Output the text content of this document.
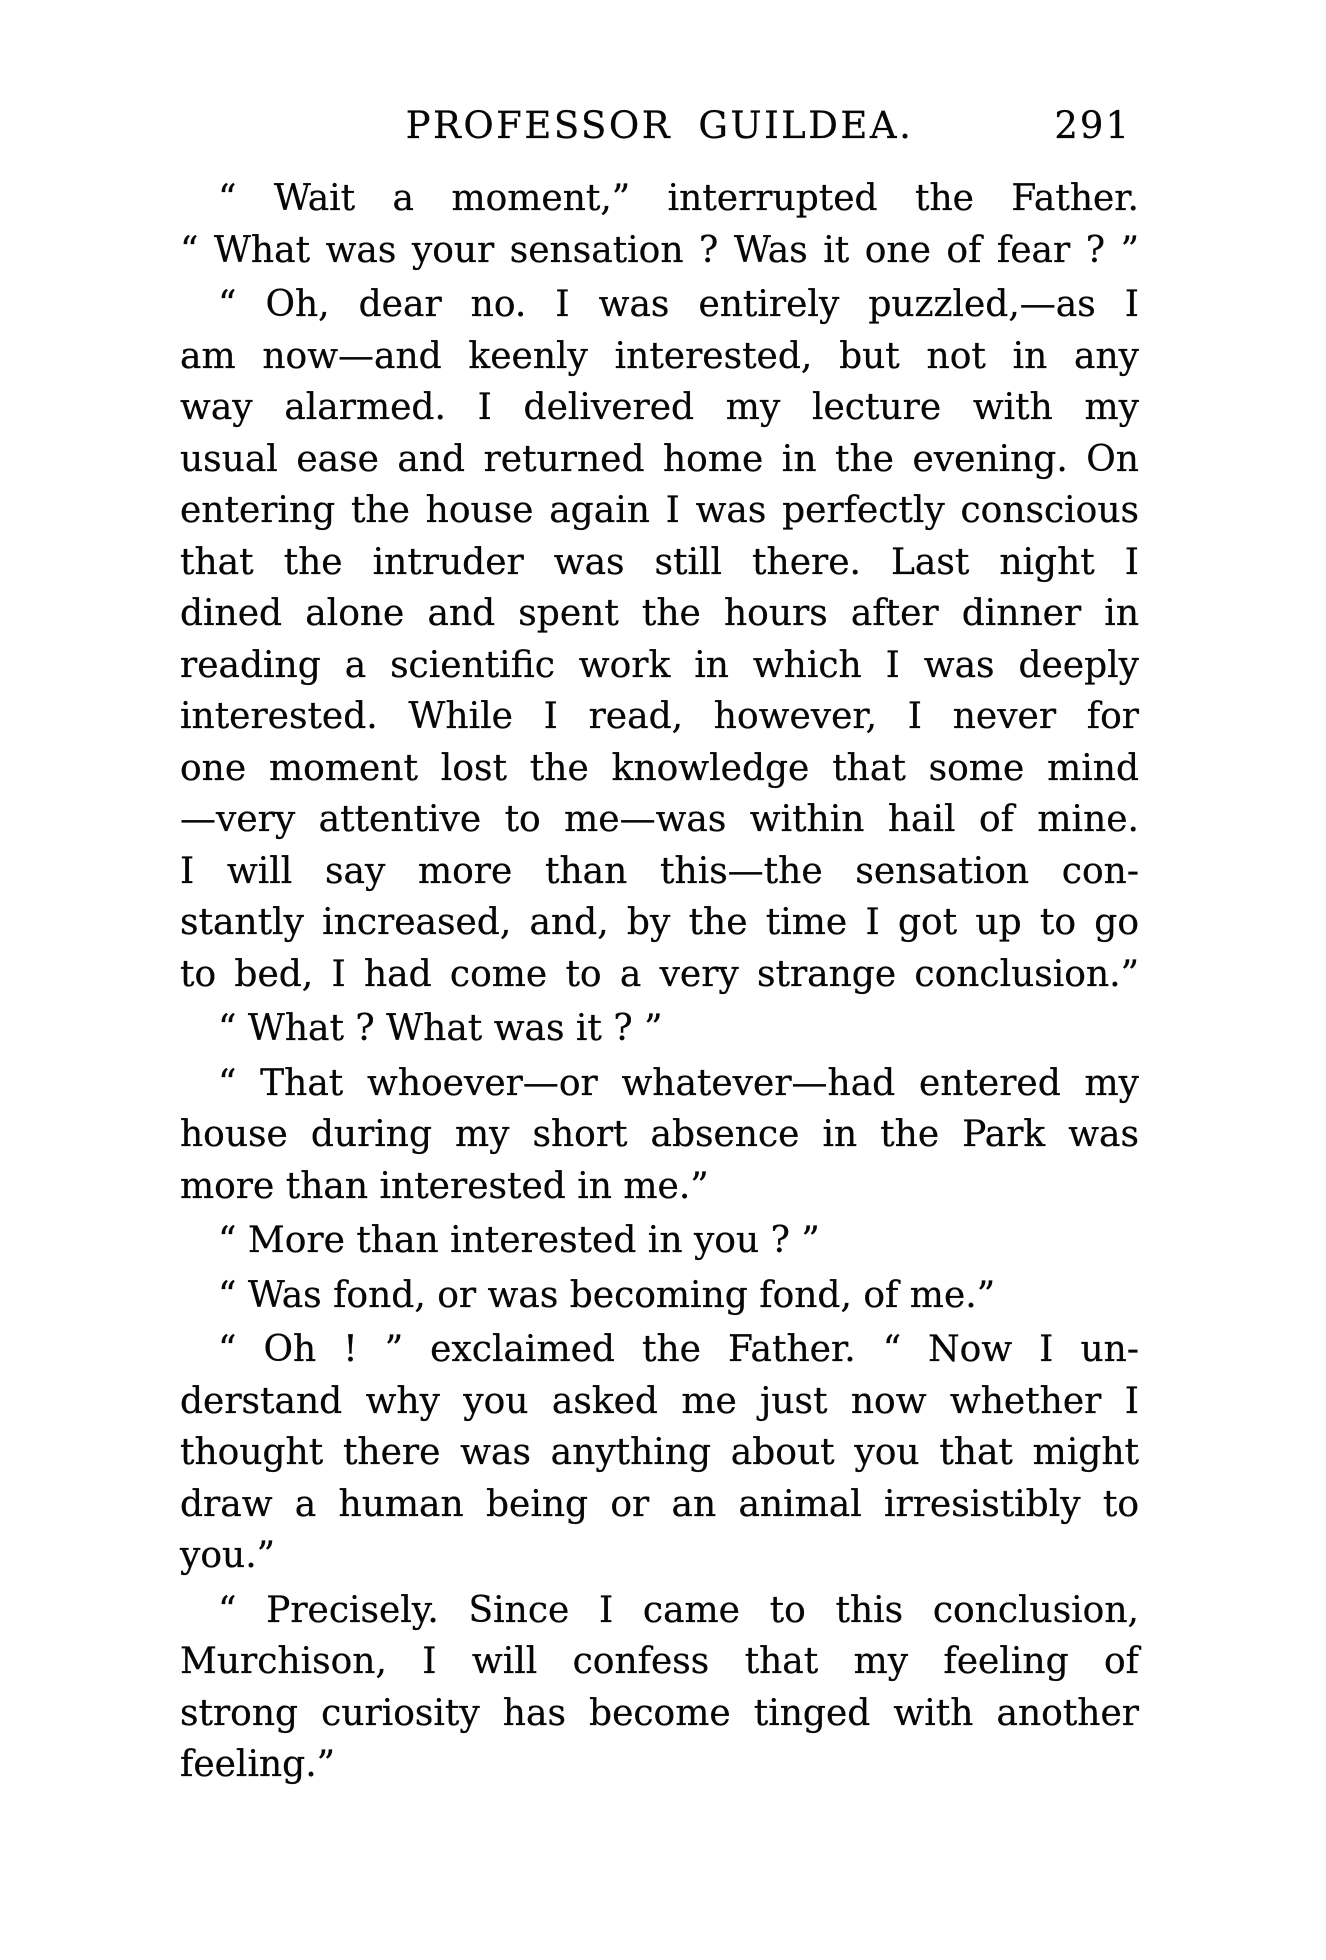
PROFESSOR GUILDEA.	291
“ Wait a moment,” interrupted the Father.
“ What was your sensation ? Was it one of fear ? ”
“ Oh, dear no. I was entirely puzzled,—as I
am now—and keenly interested, but not in any
way alarmed. I delivered my lecture with my
usual ease and returned home in the evening. On
entering the house again I was perfectly conscious
that the intruder was still there. Last night I
dined alone and spent the hours after dinner in
reading a scientific work in which I was deeply
interested. While I read, however, I never for
one moment lost the knowledge that some mind
—very attentive to me—was within hail of mine.
I will say more than this—the sensation con-
stantly increased, and, by the time I got up to go
to bed, I had come to a very strange conclusion.”
“ What ? What was it ? ”
“ That whoever—or whatever—had entered my
house during my short absence in the Park was
more than interested in me.”
“ More than interested in you ? ”
“ Was fond, or was becoming fond, of me.”
“ Oh ! ” exclaimed the Father. “ Now I un-
derstand why you asked me just now whether I
thought there was anything about you that might
draw a human being or an animal irresistibly to
you.”
“ Precisely. Since I came to this conclusion,
Murchison, I will confess that my feeling of
strong curiosity has become tinged with another
feeling.”
